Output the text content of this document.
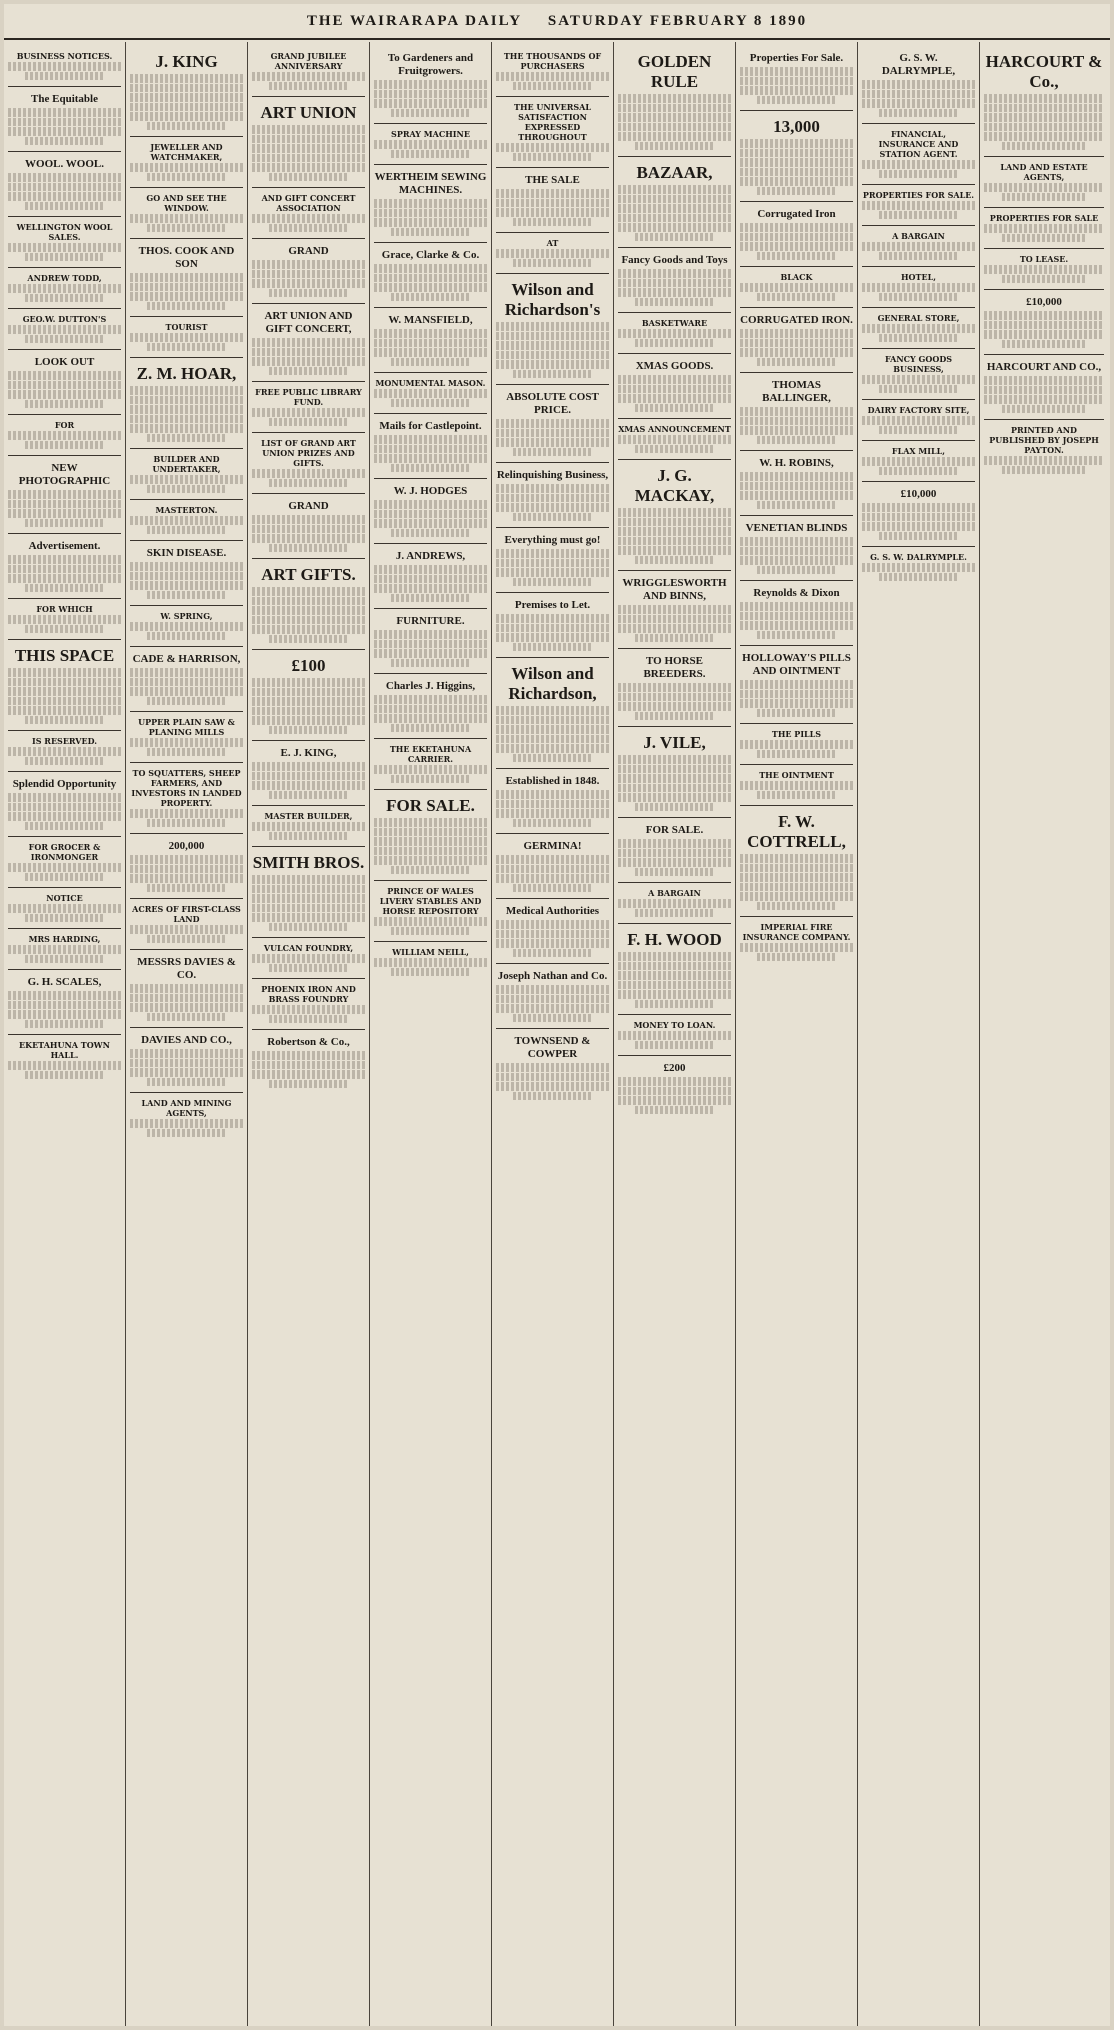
THE WAIRARAPA DAILY
SATURDAY FEBRUARY 8 1890
BUSINESS NOTICES.
The Equitable
WOOL. WOOL.
WELLINGTON WOOL SALES.
ANDREW TODD,
GEO.W. DUTTON'S
LOOK OUT
FOR
NEW PHOTOGRAPHIC
Advertisement.
FOR WHICH
THIS SPACE
IS RESERVED.
Splendid Opportunity
FOR GROCER & IRONMONGER
NOTICE
MRS HARDING,
G. H. SCALES,
EKETAHUNA TOWN HALL.
J. KING
JEWELLER AND WATCHMAKER,
GO AND SEE THE WINDOW.
THOS. COOK AND SON
TOURIST
Z. M. HOAR,
BUILDER AND UNDERTAKER,
MASTERTON.
SKIN DISEASE.
W. SPRING,
CADE & HARRISON,
UPPER PLAIN SAW & PLANING MILLS
TO SQUATTERS, SHEEP FARMERS, AND INVESTORS IN LANDED PROPERTY.
200,000
ACRES OF FIRST-CLASS LAND
MESSRS DAVIES & CO.
DAVIES AND CO.,
LAND AND MINING AGENTS,
GRAND JUBILEE ANNIVERSARY
ART UNION
AND GIFT CONCERT ASSOCIATION
GRAND
ART UNION AND GIFT CONCERT,
FREE PUBLIC LIBRARY FUND.
LIST OF GRAND ART UNION PRIZES AND GIFTS.
GRAND
ART GIFTS.
£100
E. J. KING,
MASTER BUILDER,
SMITH BROS.
VULCAN FOUNDRY,
PHOENIX IRON AND BRASS FOUNDRY
Robertson & Co.,
To Gardeners and Fruitgrowers.
SPRAY MACHINE
WERTHEIM SEWING MACHINES.
Grace, Clarke & Co.
W. MANSFIELD,
MONUMENTAL MASON.
Mails for Castlepoint.
W. J. HODGES
J. ANDREWS,
FURNITURE.
Charles J. Higgins,
THE EKETAHUNA CARRIER.
FOR SALE.
PRINCE OF WALES LIVERY STABLES AND HORSE REPOSITORY
WILLIAM NEILL,
THE THOUSANDS OF PURCHASERS
THE UNIVERSAL SATISFACTION EXPRESSED THROUGHOUT
THE SALE
AT
Wilson and Richardson's
ABSOLUTE COST PRICE.
Relinquishing Business,
Everything must go!
Premises to Let.
Wilson and Richardson,
Established in 1848.
GERMINA!
Medical Authorities
Joseph Nathan and Co.
TOWNSEND & COWPER
GOLDEN RULE
BAZAAR,
Fancy Goods and Toys
BASKETWARE
XMAS GOODS.
XMAS ANNOUNCEMENT
J. G. MACKAY,
WRIGGLESWORTH AND BINNS,
TO HORSE BREEDERS.
J. VILE,
FOR SALE.
A BARGAIN
F. H. WOOD
MONEY TO LOAN.
£200
Properties For Sale.
13,000
Corrugated Iron
BLACK
CORRUGATED IRON.
THOMAS BALLINGER,
W. H. ROBINS,
VENETIAN BLINDS
Reynolds & Dixon
HOLLOWAY'S PILLS AND OINTMENT
THE PILLS
THE OINTMENT
F. W. COTTRELL,
IMPERIAL FIRE INSURANCE COMPANY.
G. S. W. DALRYMPLE,
FINANCIAL, INSURANCE AND STATION AGENT.
PROPERTIES FOR SALE.
A BARGAIN
HOTEL,
GENERAL STORE,
FANCY GOODS BUSINESS,
DAIRY FACTORY SITE,
FLAX MILL,
£10,000
G. S. W. DALRYMPLE.
HARCOURT & Co.,
LAND AND ESTATE AGENTS,
PROPERTIES FOR SALE
TO LEASE.
£10,000
HARCOURT AND CO.,
PRINTED AND PUBLISHED BY JOSEPH PAYTON.
